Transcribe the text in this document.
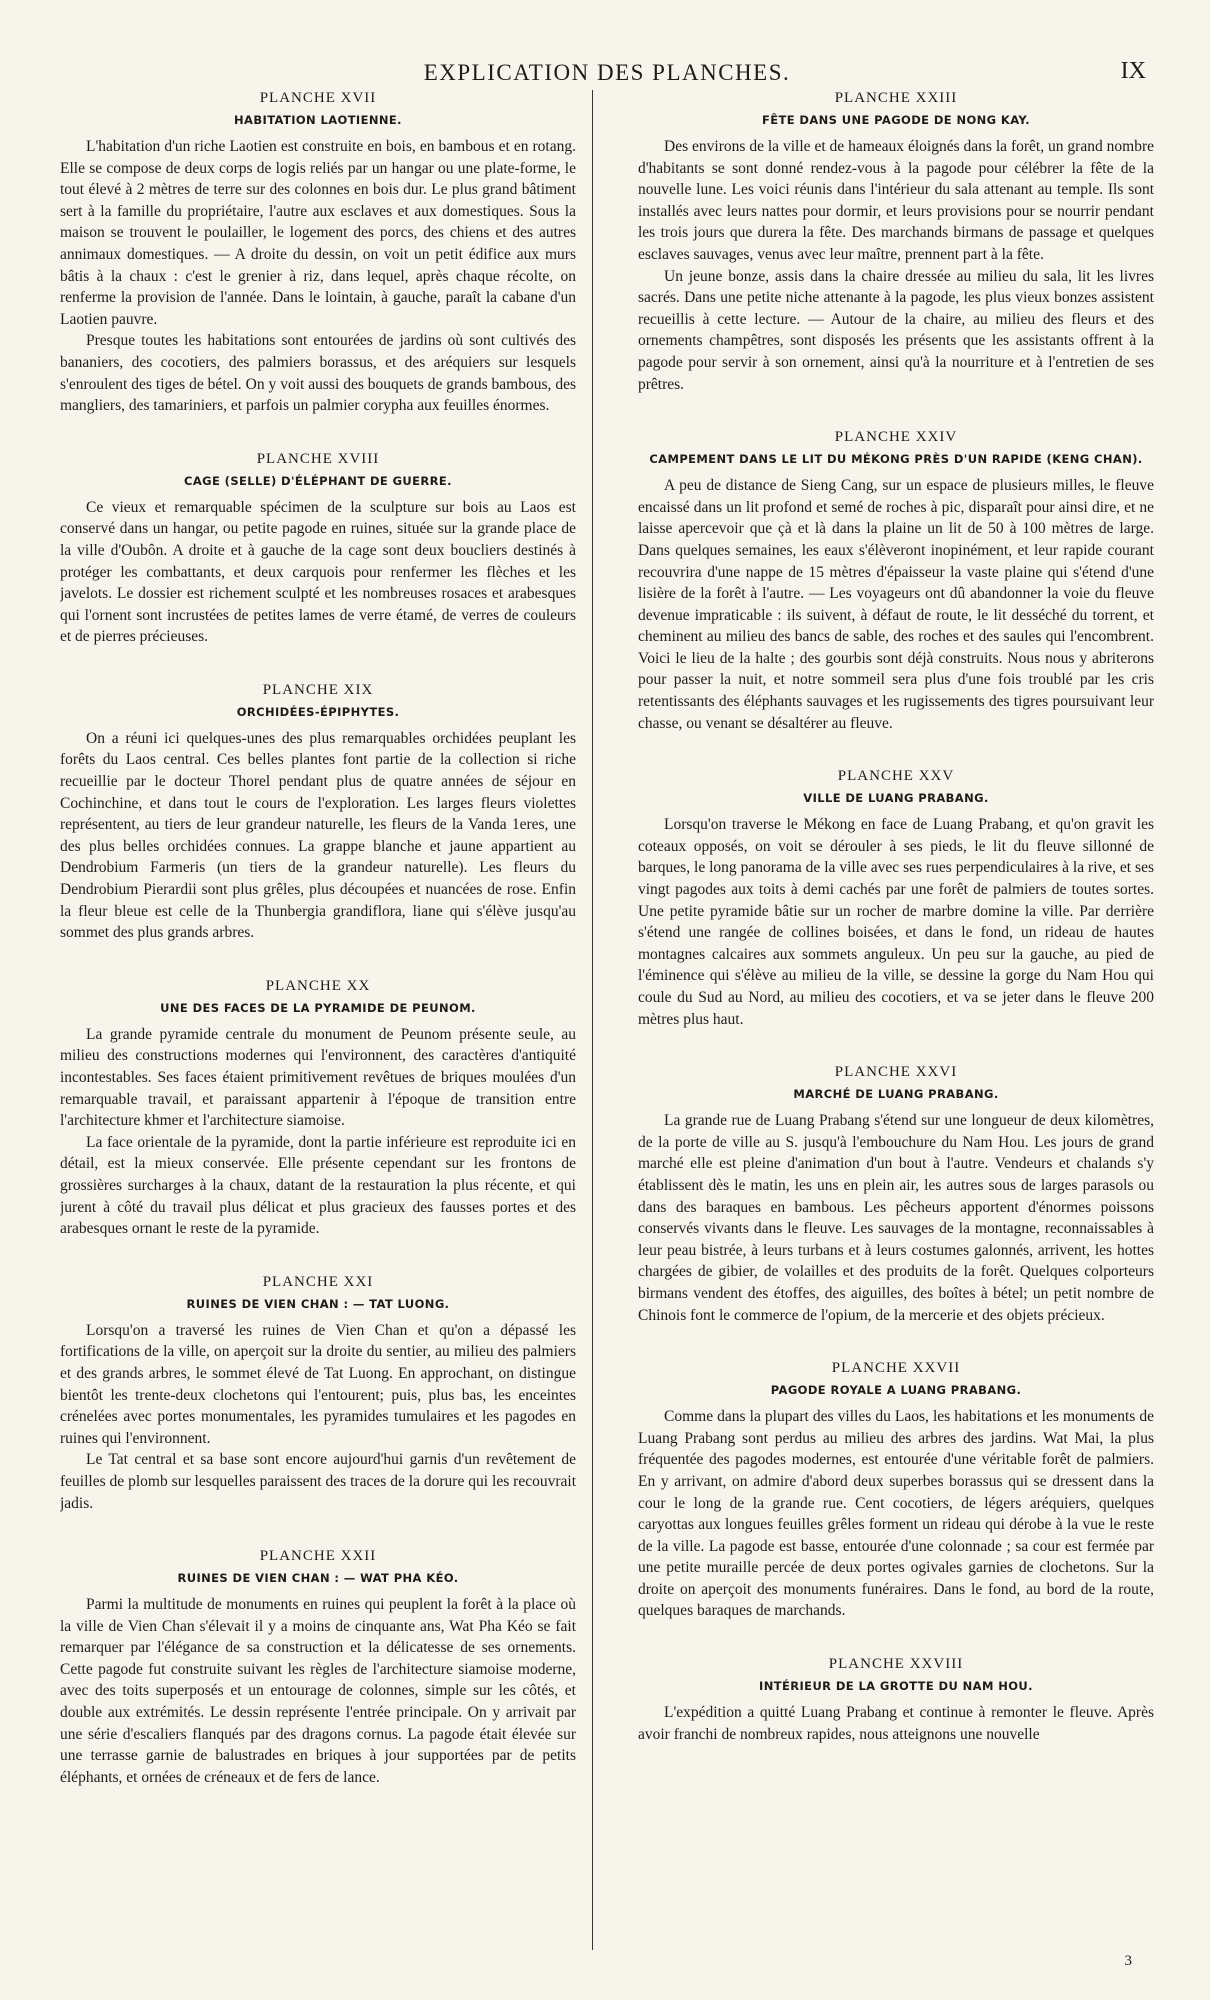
EXPLICATION DES PLANCHES.	IX
PLANCHE XVII
HABITATION LAOTIENNE.

L'habitation d'un riche Laotien est construite en bois, en bambous et en rotang. Elle se compose de deux corps de logis reliés par un hangar ou une plate-forme, le tout élevé à 2 mètres de terre sur des colonnes en bois dur. Le plus grand bâtiment sert à la famille du propriétaire, l'autre aux esclaves et aux domestiques. Sous la maison se trouvent le poulailler, le logement des porcs, des chiens et des autres annimaux domestiques. — A droite du dessin, on voit un petit édifice aux murs bâtis à la chaux : c'est le grenier à riz, dans lequel, après chaque récolte, on renferme la provision de l'année. Dans le lointain, à gauche, paraît la cabane d'un Laotien pauvre.

Presque toutes les habitations sont entourées de jardins où sont cultivés des bananiers, des cocotiers, des palmiers borassus, et des aréquiers sur lesquels s'enroulent des tiges de bétel. On y voit aussi des bouquets de grands bambous, des mangliers, des tamariniers, et parfois un palmier corypha aux feuilles énormes.

PLANCHE XVIII
CAGE (SELLE) D'ÉLÉPHANT DE GUERRE.

Ce vieux et remarquable spécimen de la sculpture sur bois au Laos est conservé dans un hangar, ou petite pagode en ruines, située sur la grande place de la ville d'Oubôn. A droite et à gauche de la cage sont deux boucliers destinés à protéger les combattants, et deux carquois pour renfermer les flèches et les javelots. Le dossier est richement sculpté et les nombreuses rosaces et arabesques qui l'ornent sont incrustées de petites lames de verre étamé, de verres de couleurs et de pierres précieuses.

PLANCHE XIX
ORCHIDÉES-ÉPIPHYTES.

On a réuni ici quelques-unes des plus remarquables orchidées peuplant les forêts du Laos central. Ces belles plantes font partie de la collection si riche recueillie par le docteur Thorel pendant plus de quatre années de séjour en Cochinchine, et dans tout le cours de l'exploration. Les larges fleurs violettes représentent, au tiers de leur grandeur naturelle, les fleurs de la Vanda 1eres, une des plus belles orchidées connues. La grappe blanche et jaune appartient au Dendrobium Farmeris (un tiers de la grandeur naturelle). Les fleurs du Dendrobium Pierardii sont plus grêles, plus découpées et nuancées de rose. Enfin la fleur bleue est celle de la Thunbergia grandiflora, liane qui s'élève jusqu'au sommet des plus grands arbres.

PLANCHE XX
UNE DES FACES DE LA PYRAMIDE DE PEUNOM.

La grande pyramide centrale du monument de Peunom présente seule, au milieu des constructions modernes qui l'environnent, des caractères d'antiquité incontestables. Ses faces étaient primitivement revêtues de briques moulées d'un remarquable travail, et paraissant appartenir à l'époque de transition entre l'architecture khmer et l'architecture siamoise.

La face orientale de la pyramide, dont la partie inférieure est reproduite ici en détail, est la mieux conservée. Elle présente cependant sur les frontons de grossières surcharges à la chaux, datant de la restauration la plus récente, et qui jurent à côté du travail plus délicat et plus gracieux des fausses portes et des arabesques ornant le reste de la pyramide.

PLANCHE XXI
RUINES DE VIEN CHAN : — TAT LUONG.

Lorsqu'on a traversé les ruines de Vien Chan et qu'on a dépassé les fortifications de la ville, on aperçoit sur la droite du sentier, au milieu des palmiers et des grands arbres, le sommet élevé de Tat Luong. En approchant, on distingue bientôt les trente-deux clochetons qui l'entourent; puis, plus bas, les enceintes crénelées avec portes monumentales, les pyramides tumulaires et les pagodes en ruines qui l'environnent.

Le Tat central et sa base sont encore aujourd'hui garnis d'un revêtement de feuilles de plomb sur lesquelles paraissent des traces de la dorure qui les recouvrait jadis.

PLANCHE XXII
RUINES DE VIEN CHAN : — WAT PHA KÉO.

Parmi la multitude de monuments en ruines qui peuplent la forêt à la place où la ville de Vien Chan s'élevait il y a moins de cinquante ans, Wat Pha Kéo se fait remarquer par l'élégance de sa construction et la délicatesse de ses ornements. Cette pagode fut construite suivant les règles de l'architecture siamoise moderne, avec des toits superposés et un entourage de colonnes, simple sur les côtés, et double aux extrémités. Le dessin représente l'entrée principale. On y arrivait par une série d'escaliers flanqués par des dragons cornus. La pagode était élevée sur une terrasse garnie de balustrades en briques à jour supportées par de petits éléphants, et ornées de créneaux et de fers de lance.

PLANCHE XXIII
FÊTE DANS UNE PAGODE DE NONG KAY.

Des environs de la ville et de hameaux éloignés dans la forêt, un grand nombre d'habitants se sont donné rendez-vous à la pagode pour célébrer la fête de la nouvelle lune. Les voici réunis dans l'intérieur du sala attenant au temple. Ils sont installés avec leurs nattes pour dormir, et leurs provisions pour se nourrir pendant les trois jours que durera la fête. Des marchands birmans de passage et quelques esclaves sauvages, venus avec leur maître, prennent part à la fête.

Un jeune bonze, assis dans la chaire dressée au milieu du sala, lit les livres sacrés. Dans une petite niche attenante à la pagode, les plus vieux bonzes assistent recueillis à cette lecture. — Autour de la chaire, au milieu des fleurs et des ornements champêtres, sont disposés les présents que les assistants offrent à la pagode pour servir à son ornement, ainsi qu'à la nourriture et à l'entretien de ses prêtres.

PLANCHE XXIV
CAMPEMENT DANS LE LIT DU MÉKONG PRÈS D'UN RAPIDE (KENG CHAN).

A peu de distance de Sieng Cang, sur un espace de plusieurs milles, le fleuve encaissé dans un lit profond et semé de roches à pic, disparaît pour ainsi dire, et ne laisse apercevoir que çà et là dans la plaine un lit de 50 à 100 mètres de large. Dans quelques semaines, les eaux s'élèveront inopinément, et leur rapide courant recouvrira d'une nappe de 15 mètres d'épaisseur la vaste plaine qui s'étend d'une lisière de la forêt à l'autre. — Les voyageurs ont dû abandonner la voie du fleuve devenue impraticable : ils suivent, à défaut de route, le lit desséché du torrent, et cheminent au milieu des bancs de sable, des roches et des saules qui l'encombrent. Voici le lieu de la halte ; des gourbis sont déjà construits. Nous nous y abriterons pour passer la nuit, et notre sommeil sera plus d'une fois troublé par les cris retentissants des éléphants sauvages et les rugissements des tigres poursuivant leur chasse, ou venant se désaltérer au fleuve.

PLANCHE XXV
VILLE DE LUANG PRABANG.

Lorsqu'on traverse le Mékong en face de Luang Prabang, et qu'on gravit les coteaux opposés, on voit se dérouler à ses pieds, le lit du fleuve sillonné de barques, le long panorama de la ville avec ses rues perpendiculaires à la rive, et ses vingt pagodes aux toits à demi cachés par une forêt de palmiers de toutes sortes. Une petite pyramide bâtie sur un rocher de marbre domine la ville. Par derrière s'étend une rangée de collines boisées, et dans le fond, un rideau de hautes montagnes calcaires aux sommets anguleux. Un peu sur la gauche, au pied de l'éminence qui s'élève au milieu de la ville, se dessine la gorge du Nam Hou qui coule du Sud au Nord, au milieu des cocotiers, et va se jeter dans le fleuve 200 mètres plus haut.

PLANCHE XXVI
MARCHÉ DE LUANG PRABANG.

La grande rue de Luang Prabang s'étend sur une longueur de deux kilomètres, de la porte de ville au S. jusqu'à l'embouchure du Nam Hou. Les jours de grand marché elle est pleine d'animation d'un bout à l'autre. Vendeurs et chalands s'y établissent dès le matin, les uns en plein air, les autres sous de larges parasols ou dans des baraques en bambous. Les pêcheurs apportent d'énormes poissons conservés vivants dans le fleuve. Les sauvages de la montagne, reconnaissables à leur peau bistrée, à leurs turbans et à leurs costumes galonnés, arrivent, les hottes chargées de gibier, de volailles et des produits de la forêt. Quelques colporteurs birmans vendent des étoffes, des aiguilles, des boîtes à bétel; un petit nombre de Chinois font le commerce de l'opium, de la mercerie et des objets précieux.

PLANCHE XXVII
PAGODE ROYALE A LUANG PRABANG.

Comme dans la plupart des villes du Laos, les habitations et les monuments de Luang Prabang sont perdus au milieu des arbres des jardins. Wat Mai, la plus fréquentée des pagodes modernes, est entourée d'une véritable forêt de palmiers. En y arrivant, on admire d'abord deux superbes borassus qui se dressent dans la cour le long de la grande rue. Cent cocotiers, de légers aréquiers, quelques caryottas aux longues feuilles grêles forment un rideau qui dérobe à la vue le reste de la ville. La pagode est basse, entourée d'une colonnade ; sa cour est fermée par une petite muraille percée de deux portes ogivales garnies de clochetons. Sur la droite on aperçoit des monuments funéraires. Dans le fond, au bord de la route, quelques baraques de marchands.

PLANCHE XXVIII
INTÉRIEUR DE LA GROTTE DU NAM HOU.

L'expédition a quitté Luang Prabang et continue à remonter le fleuve. Après avoir franchi de nombreux rapides, nous atteignons une nouvelle

3
